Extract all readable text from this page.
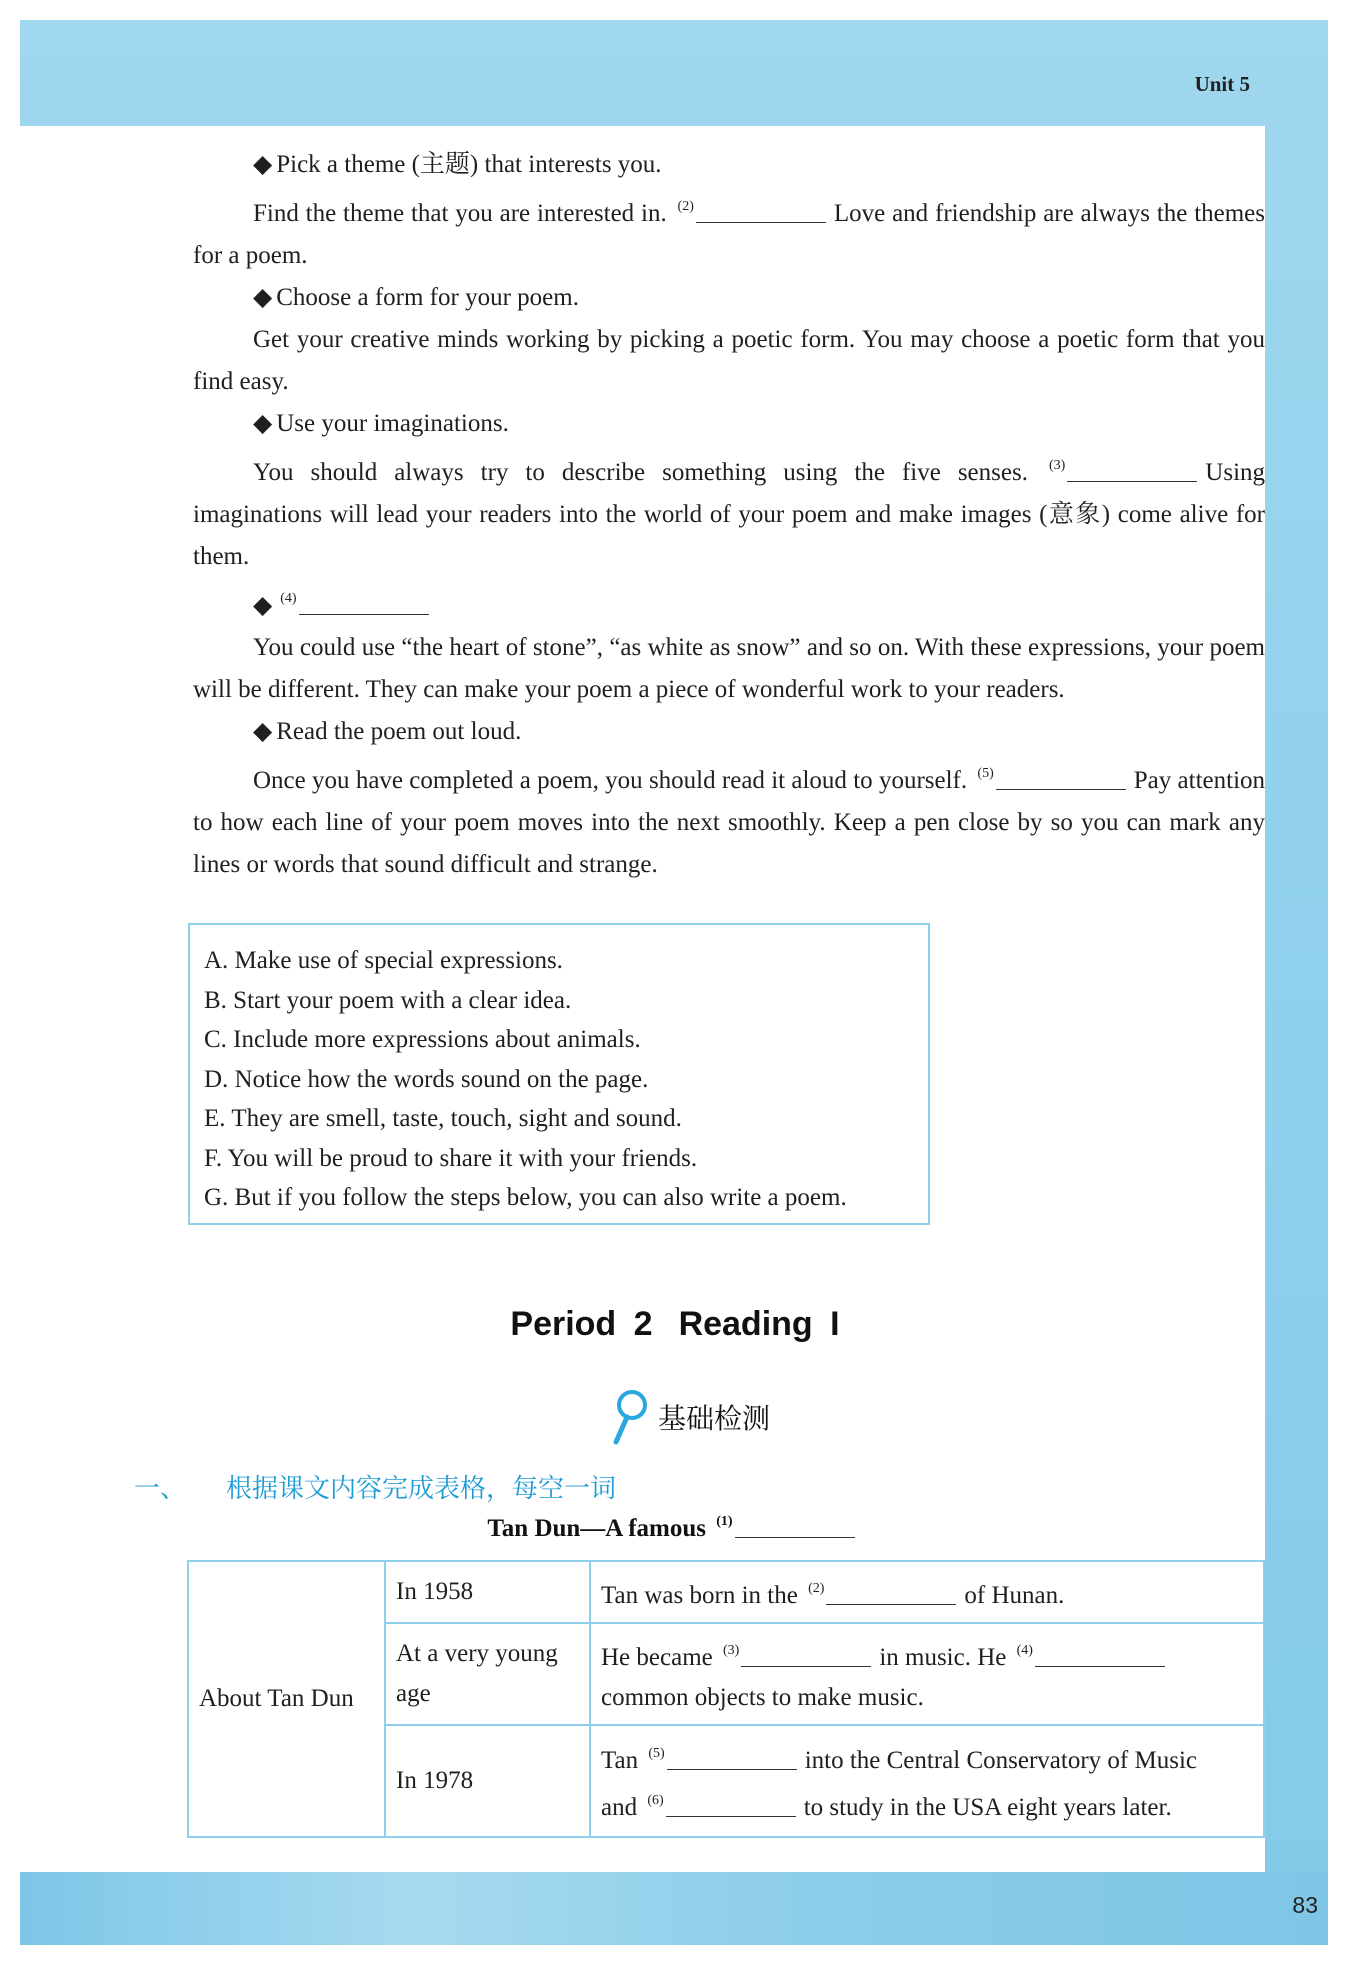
Unit 5

◆ Pick a theme (主题) that interests you.

Find the theme that you are interested in. $^{(2)}$	Love and friendship are always the themes for a poem.

◆ Choose a form for your poem.

Get your creative minds working by picking a poetic form. You may choose a poetic form that you find easy.

◆ Use your imaginations.

You should always try to describe something using the five senses. $^{(3)}$	Using imaginations will lead your readers into the world of your poem and make images (意象) come alive for them.

◆ $^{(4)}$

You could use “the heart of stone”, “as white as snow” and so on. With these expressions, your poem will be different. They can make your poem a piece of wonderful work to your readers.

◆ Read the poem out loud.

Once you have completed a poem, you should read it aloud to yourself. $^{(5)}$	Pay attention to how each line of your poem moves into the next smoothly. Keep a pen close by so you can mark any lines or words that sound difficult and strange.

A. Make use of special expressions.
B. Start your poem with a clear idea.
C. Include more expressions about animals.
D. Notice how the words sound on the page.
E. They are smell, taste, touch, sight and sound.
F. You will be proud to share it with your friends.
G. But if you follow the steps below, you can also write a poem.
Period 2 Reading I
基础检测
一、 根据课文内容完成表格，每空一词
Tan Dun—A famous $^{(1)}$
About Tan Dun	In 1958	Tan was born in the $^{(2)}$ of Hunan.
	At a very young age	He became $^{(3)}$ in music. He $^{(4)}$
common objects to make music.
	In 1978	Tan $^{(5)}$ into the Central Conservatory of Music
and $^{(6)}$ to study in the USA eight years later.
83
